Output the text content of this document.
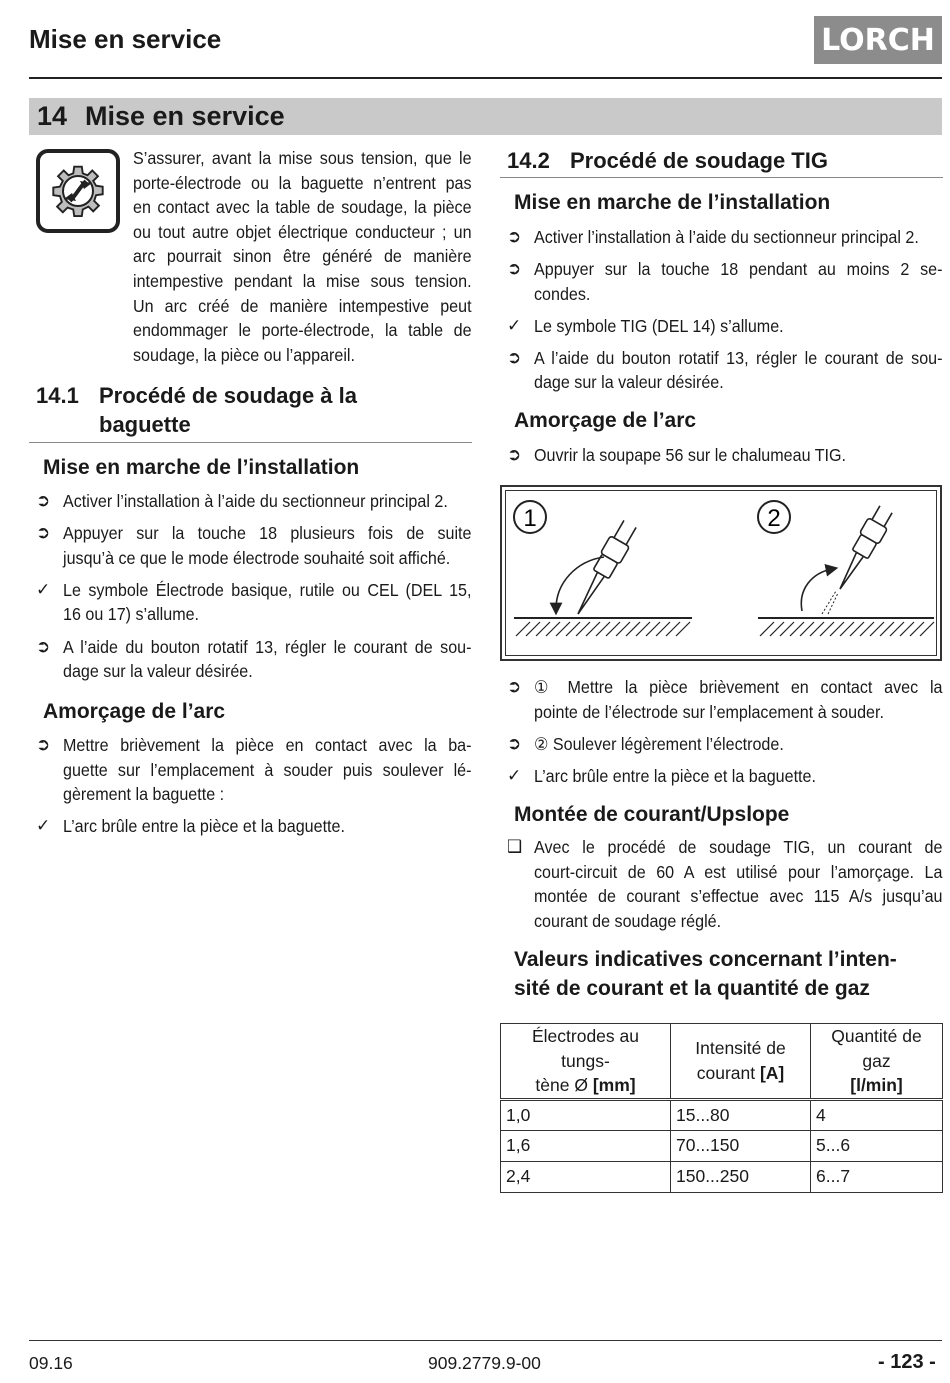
Mise en service	LORCH
14 Mise en service
S’assurer, avant la mise sous tension, que le
porte-électrode ou la baguette n’entrent pas
en contact avec la table de soudage, la pièce
ou tout autre objet électrique conducteur ; un
arc pourrait sinon être généré de manière
intempestive pendant la mise sous tension.
Un arc créé de manière intempestive peut
endommager le porte-électrode, la table de
soudage, la pièce ou l’appareil.
14.1 Procédé de soudage à la
baguette
Mise en marche de l’installation
➲ Activer l’installation à l’aide du sectionneur principal 2.
➲ Appuyer sur la touche 18 plusieurs fois de suite
jusqu’à ce que le mode électrode souhaité soit affiché.
✓ Le symbole Électrode basique, rutile ou CEL (DEL 15,
16 ou 17) s’allume.
➲ A l’aide du bouton rotatif 13, régler le courant de sou-
dage sur la valeur désirée.
Amorçage de l’arc
➲ Mettre brièvement la pièce en contact avec la ba-
guette sur l’emplacement à souder puis soulever lé-
gèrement la baguette :
✓ L’arc brûle entre la pièce et la baguette.
14.2 Procédé de soudage TIG
Mise en marche de l’installation
➲ Activer l’installation à l’aide du sectionneur principal 2.
➲ Appuyer sur la touche 18 pendant au moins 2 se-
condes.
✓ Le symbole TIG (DEL 14) s’allume.
➲ A l’aide du bouton rotatif 13, régler le courant de sou-
dage sur la valeur désirée.
Amorçage de l’arc
➲ Ouvrir la soupape 56 sur le chalumeau TIG.
1	2
➲ ① Mettre la pièce brièvement en contact avec la
pointe de l’électrode sur l’emplacement à souder.
➲ ② Soulever légèrement l’électrode.
✓ L’arc brûle entre la pièce et la baguette.
Montée de courant/Upslope
❑ Avec le procédé de soudage TIG, un courant de
court-circuit de 60 A est utilisé pour l’amorçage. La
montée de courant s’effectue avec 115 A/s jusqu’au
courant de soudage réglé.
Valeurs indicatives concernant l’inten-
sité de courant et la quantité de gaz
Électrodes au tungs-
tène Ø [mm]	Intensité de
courant [A]	Quantité de gaz
[l/min]

1,0	15...80	4
1,6	70...150	5...6
2,4	150...250	6...7
09.16	909.2779.9-00	- 123 -
